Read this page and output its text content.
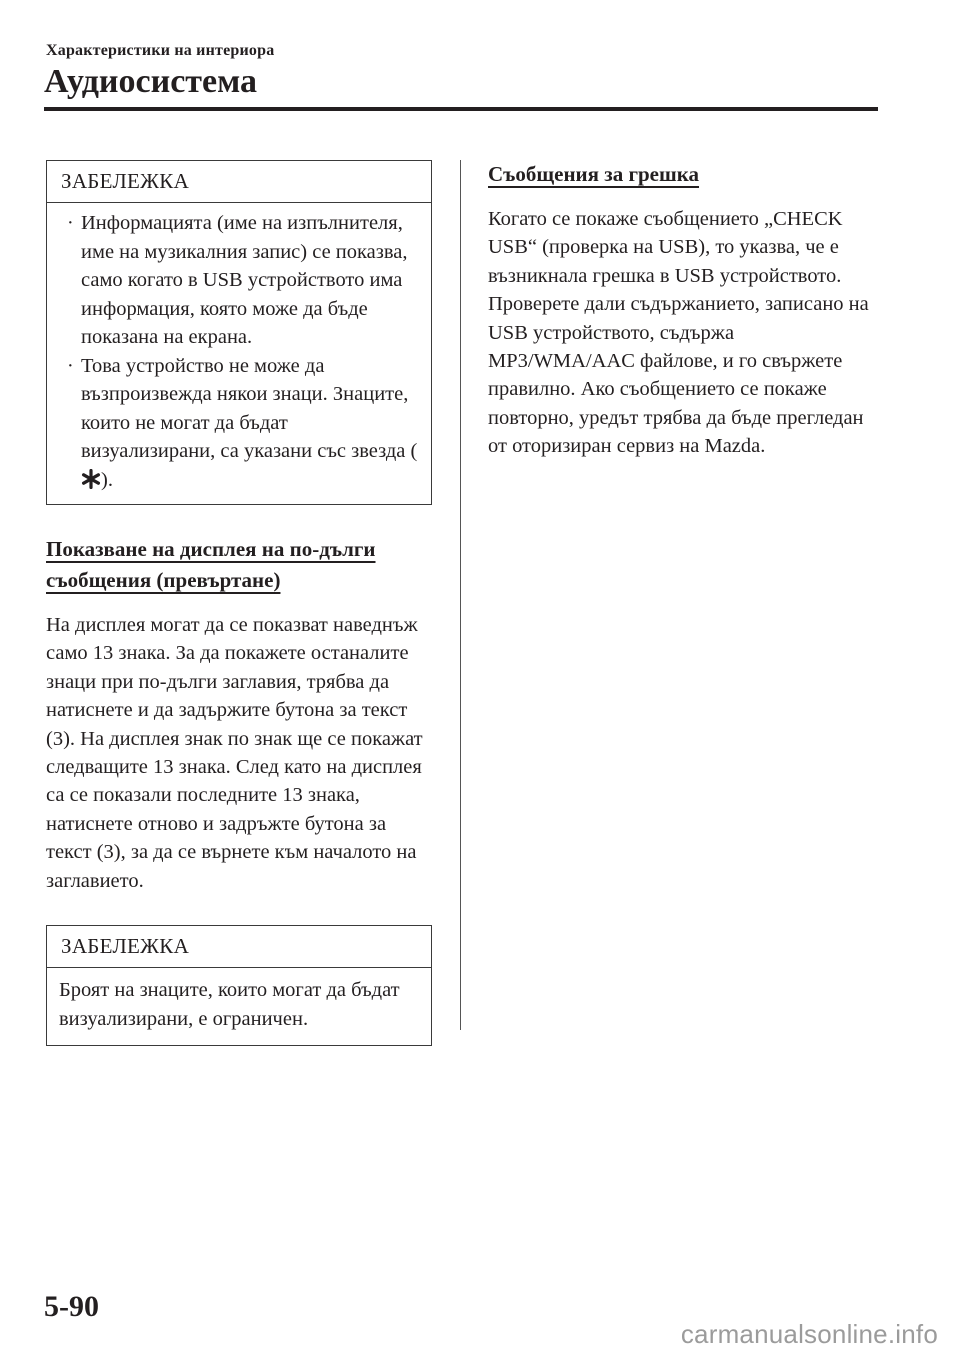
Характеристики на интериора
Аудиосистема
ЗАБЕЛЕЖКА
· Информацията (име на изпълнителя, име на музикалния запис) се показва, само когато в USB устройството има информация, която може да бъде показана на екрана.
· Това устройство не може да възпроизвежда някои знаци. Знаците, които не могат да бъдат визуализирани, са указани със звезда ().
Показване на дисплея на по-дълги съобщения (превъртане)

На дисплея могат да се показват наведнъж само 13 знака. За да покажете останалите знаци при по-дълги заглавия, трябва да натиснете и да задържите бутона за текст (3). На дисплея знак по знак ще се покажат следващите 13 знака. След като на дисплея са се показали последните 13 знака, натиснете отново и задръжте бутона за текст (3), за да се върнете към началото на заглавието.

ЗАБЕЛЕЖКА
Броят на знаците, които могат да бъдат визуализирани, е ограничен.
Съобщения за грешка

Когато се покаже съобщението „CHECK USB“ (проверка на USB), то указва, че е възникнала грешка в USB устройството. Проверете дали съдържанието, записано на USB устройството, съдържа MP3/WMA/AAC файлове, и го свържете правилно. Ако съобщението се покаже повторно, уредът трябва да бъде прегледан от оторизиран сервиз на Mazda.

5-90
carmanualsonline.info
